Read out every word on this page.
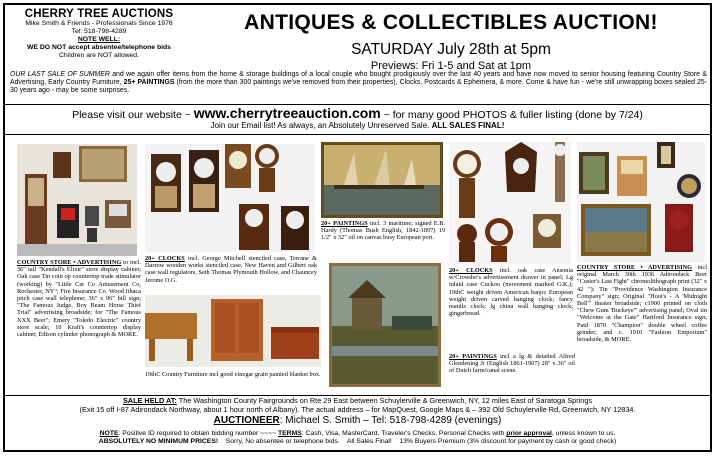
CHERRY TREE AUCTIONS
Mike Smith & Friends - Professionals Since 1976
Tel: 518-798-4289
NOTE WELL:
WE DO NOT accept absentee/telephone bids
Children are NOT allowed.
ANTIQUES & COLLECTIBLES AUCTION!
SATURDAY July 28th at 5pm
Previews: Fri 1-5 and Sat at 1pm
OUR LAST SALE OF SUMMER and we again offer items from the home & storage buildings of a local couple who bought prodigiously over the last 40 years and have now moved to senior housing featuring Country Store & Advertising, Early Country Furniture, 25+ PAINTINGS (from the more than 300 paintings we've removed from their properties), Clocks, Postcards & Ephemera, & more. Come & have fun - we're still unwrapping boxes sealed 25-30 years ago - may be some surprises.
Please visit our website ~ www.cherrytreeauction.com ~ for many good PHOTOS & fuller listing (done by 7/24)
Join our Email list! As always, an Absolutely Unreserved Sale. ALL SALES FINAL!
COUNTRY STORE • ADVERTISING to incl. 36" tall "Kendall's Elixir" store display cabinet; Oak case Tin coin op countertop trade stimulator (working) by "Little Car Co Amusement Co, Rochester, NY"; Fire Insurance Co. Wood Ithaca pitch case wall telephone; 36" x 96" bill sign; "The Famous Judge, Boy Beam Horse Thief Trial" advertising broadside; for "The Famous XXX Beer"; Emery "Toledo Electric" country store scale; 10 Kraft's countertop display cabinet; Edison cylinder phonograph & MORE.
20+ CLOCKS incl. George Mitchell stenciled case, Terrane & Darrow wooden works stenciled case, New Haven and Gilbert oak case wall regulators, Seth Thomas Plymouth Hollow, and Chauncey Jerome O.G.
20+ PAINTINGS incl. 3 maritime; signed E.B. Hardy (Thomas Bush English, 1842-1897) 19 1/2" x 32" oil on canvas busy European port.
20+ CLOCKS incl. oak case Ansonia w/Crowder's advertisement drawer in panel; Lg inlaid case Cuckoo (movement marked G.K.); 19thC weight driven American banjo; European weight driven carved hanging clock; fancy mantle clock; lg china wall hanging clock; gingerbread.
COUNTRY STORE • ADVERTISING incl original March 30th 1936 Adirondack Beer "Custer's Last Fight" chromolithograph print (32" x 42 "); Tin "Providence Washington Insurance Company" sign; Original "Hoot's - A 'Midnight Bell'" theater broadside; c1900 printed on cloth "Chew Gum 'Buckeye'" advertising panel; Oval tin "Welcome at the Gate" Hartford Insurance sign; Patd 1870 "Champion" double wheel coffee grinder; and c. 1910 "Fashion Emporium" broadside, & MORE.
19thC Country Furniture incl good vinegar grain painted blanket box.
20+ PAINTINGS incl a lg & detailed Alfred Glendening Jr (English 1861-1907) 28" x 36" oil of Dutch farm/canal scene.
SALE HELD AT: The Washington County Fairgrounds on Rte 29 East between Schuylerville & Greenwich, NY, 12 miles East of Saratoga Springs
(Exit 15 off I-87 Adirondack Northway, about 1 hour north of Albany). The actual address – for MapQuest, Google Maps & – 392 Old Schuylerville Rd, Greenwich, NY 12834.
AUCTIONEER: Michael S. Smith – Tel: 518-798-4289 (evenings)
NOTE: Positive ID required to obtain bidding number ~~~~ TERMS: Cash, Visa, MasterCard, Traveler's Checks, Personal Checks with prior approval, unless known to us.
ABSOLUTELY NO MINIMUM PRICES! Sorry, No absentee or telephone bids. All Sales Final! 13% Buyers Premium (3% discount for payment by cash or good check)
